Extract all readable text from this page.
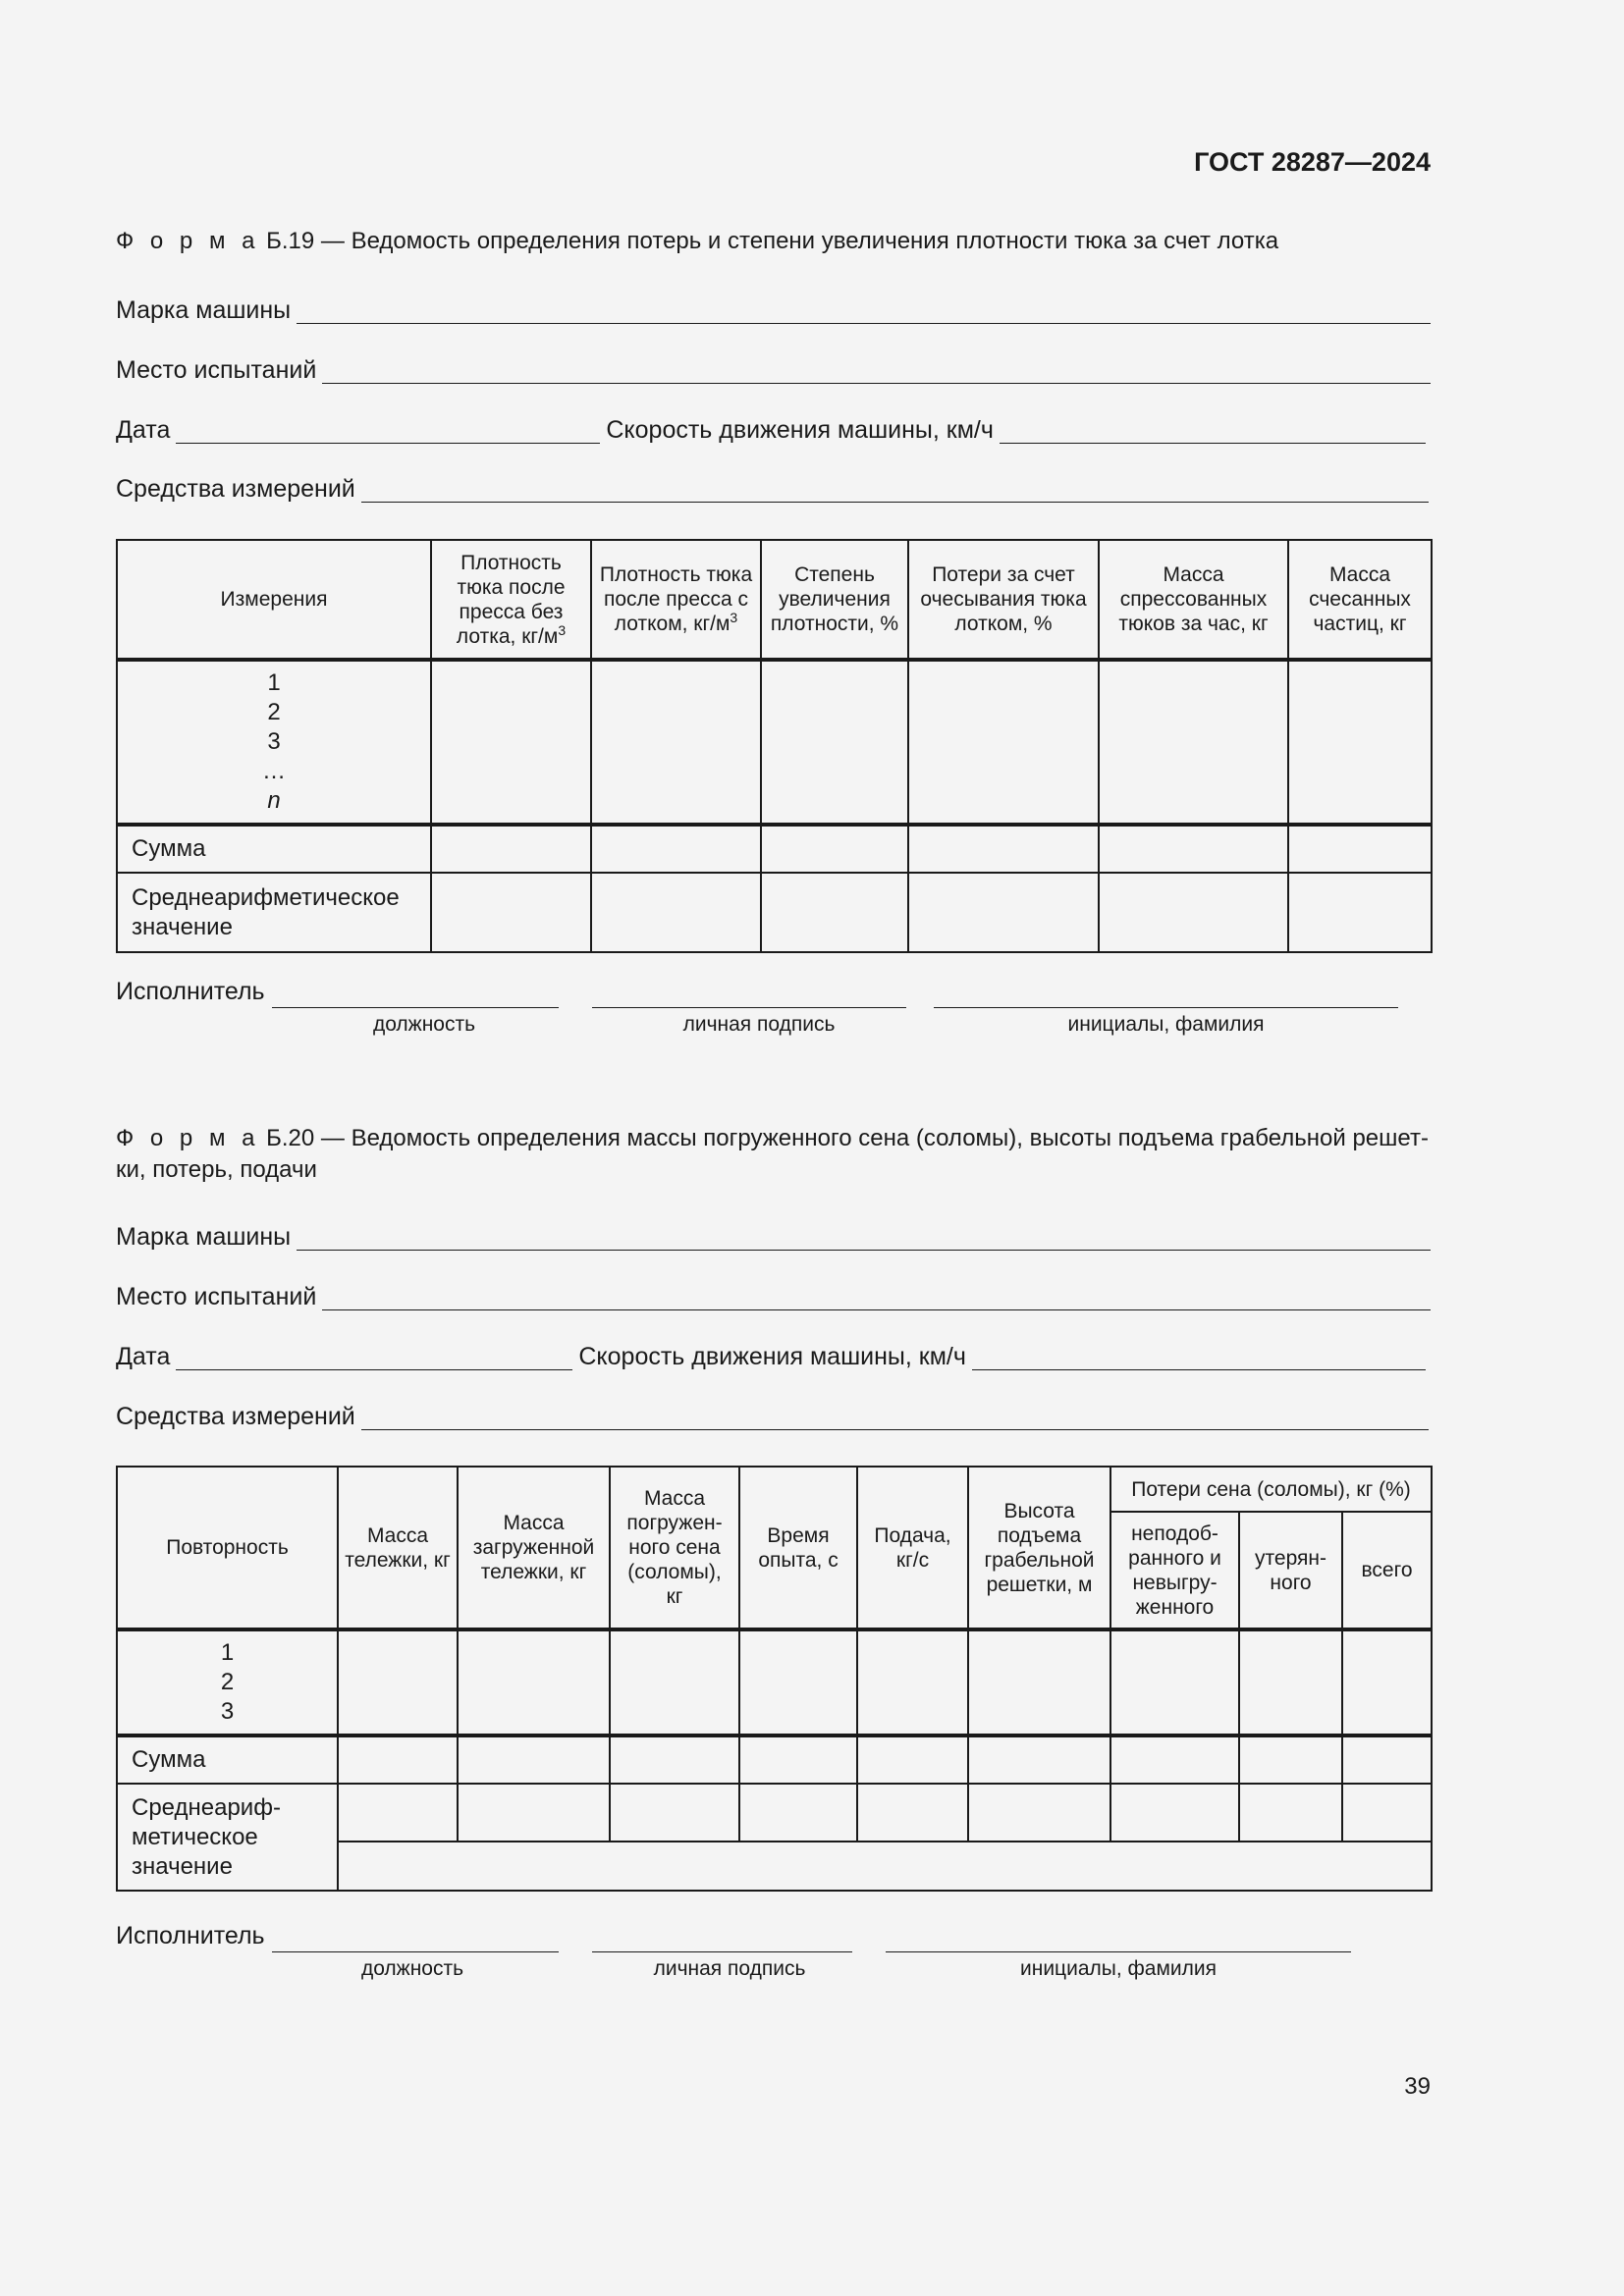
ГОСТ 28287—2024
Ф о р м а Б.19 — Ведомость определения потерь и степени увеличения плотности тюка за счет лотка
Марка машины
Место испытаний
Дата	Скорость движения машины, км/ч
Средства измерений
Измерения	Плотность тюка после пресса без лотка, $кг/м^3$	Плотность тюка после пресса с лотком, $кг/м^3$	Степень увеличения плотности, %	Потери за счет очесывания тюка лотком, %	Масса спрессованных тюков за час, кг	Масса счесанных частиц, кг

1
2
3
…
n						

Сумма						
Среднеарифметическое значение						
Исполнитель
должность	личная подпись	инициалы, фамилия
Ф о р м а Б.20 — Ведомость определения массы погруженного сена (соломы), высоты подъема грабельной решет-ки, потерь, подачи
Марка машины
Место испытаний
Дата	Скорость движения машины, км/ч
Средства измерений
Повторность	Масса тележки, кг	Масса загруженной тележки, кг	Масса погружен-ного сена (соломы), кг	Время опыта, с	Подача, кг/с	Высота подъема грабельной решетки, м	Потери сена (соломы), кг (%)		
							неподоб-ранного и невыгру-женного	утерян-ного	всего

1
2
3									

Сумма									
Среднеариф-метическое значение									

Исполнитель
должность	личная подпись	инициалы, фамилия
39
